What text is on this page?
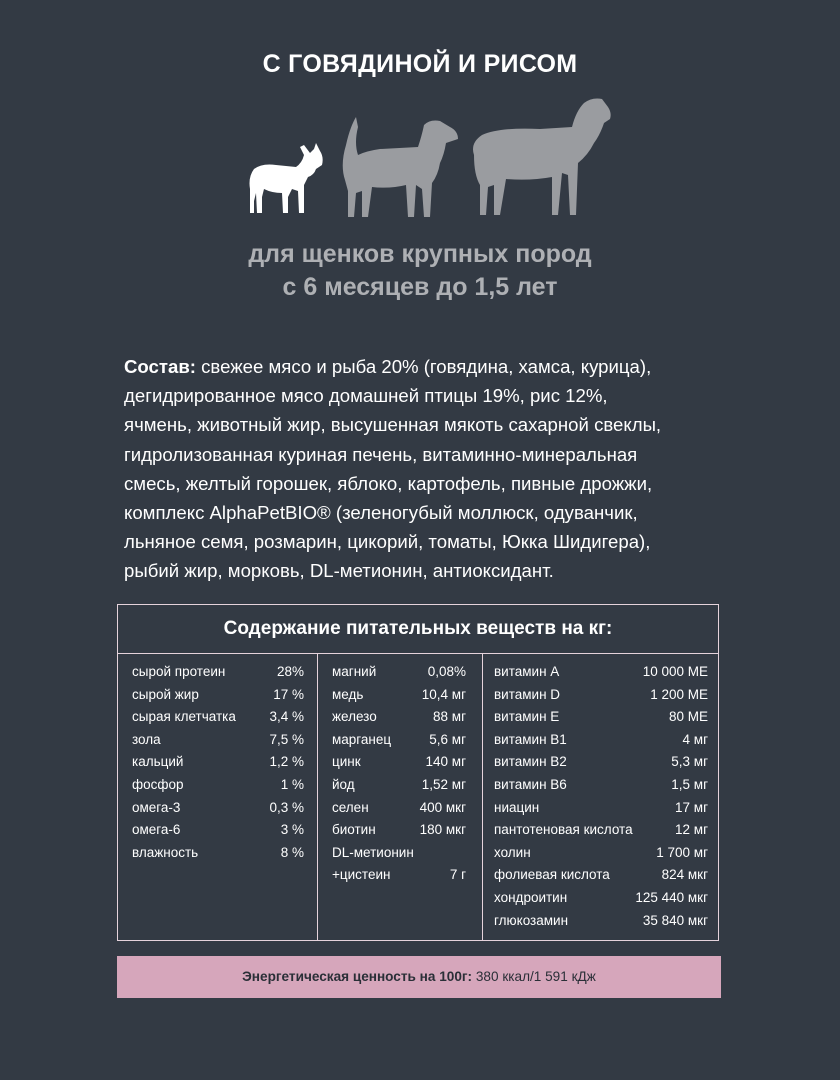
С ГОВЯДИНОЙ И РИСОМ
для щенков крупных пород
с 6 месяцев до 1,5 лет
Состав: свежее мясо и рыба 20% (говядина, хамса, курица),
дегидрированное мясо домашней птицы 19%, рис 12%,
ячмень, животный жир, высушенная мякоть сахарной свеклы,
гидролизованная куриная печень, витаминно-минеральная
смесь, желтый горошек, яблоко, картофель, пивные дрожжи,
комплекс AlphaPetBIO® (зеленогубый моллюск, одуванчик,
льняное семя, розмарин, цикорий, томаты, Юкка Шидигера),
рыбий жир, морковь, DL-метионин, антиоксидант.
Содержание питательных веществ на кг:
сырой протеин	28%
сырой жир	17 %
сырая клетчатка 3,4 %
зола	7,5 %
кальций	1,2 %
фосфор	1 %
омега-3	0,3 %
омега-6	3 %
влажность	8 %
магний	0,08%
медь	10,4 мг
железо	88 мг
марганец	5,6 мг
цинк	140 мг
йод	1,52 мг
селен	400 мкг
биотин	180 мкг
DL-метионин
+цистеин	7 г
витамин А	10 000 МЕ
витамин D	1 200 МЕ
витамин Е	80 МЕ
витамин В1	4 мг
витамин В2	5,3 мг
витамин В6	1,5 мг
ниацин	17 мг
пантотеновая кислота	12 мг
холин	1 700 мг
фолиевая кислота	824 мкг
хондроитин	125 440 мкг
глюкозамин	35 840 мкг
Энергетическая ценность на 100г: 380 ккал/1 591 кДж
